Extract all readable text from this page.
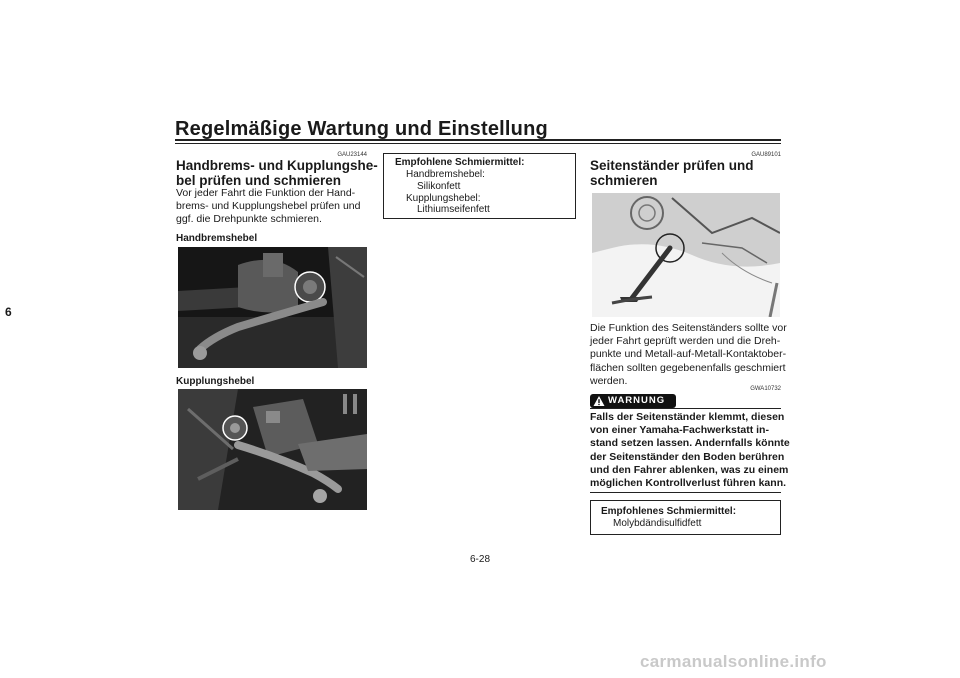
Regelmäßige Wartung und Einstellung
6
GAU23144
Handbrems- und Kupplungshe-
bel prüfen und schmieren
Vor jeder Fahrt die Funktion der Hand-
brems- und Kupplungshebel prüfen und
ggf. die Drehpunkte schmieren.
Handbremshebel
Kupplungshebel
Empfohlene Schmiermittel:
Handbremshebel:
Silikonfett
Kupplungshebel:
Lithiumseifenfett
GAU89101
Seitenständer prüfen und
schmieren
Die Funktion des Seitenständers sollte vor
jeder Fahrt geprüft werden und die Dreh-
punkte und Metall-auf-Metall-Kontaktober-
flächen sollten gegebenenfalls geschmiert
werden.
GWA10732
WARNUNG
Falls der Seitenständer klemmt, diesen
von einer Yamaha-Fachwerkstatt in-
stand setzen lassen. Andernfalls könnte
der Seitenständer den Boden berühren
und den Fahrer ablenken, was zu einem
möglichen Kontrollverlust führen kann.
Empfohlenes Schmiermittel:
Molybdändisulfidfett
6-28
carmanualsonline.info
